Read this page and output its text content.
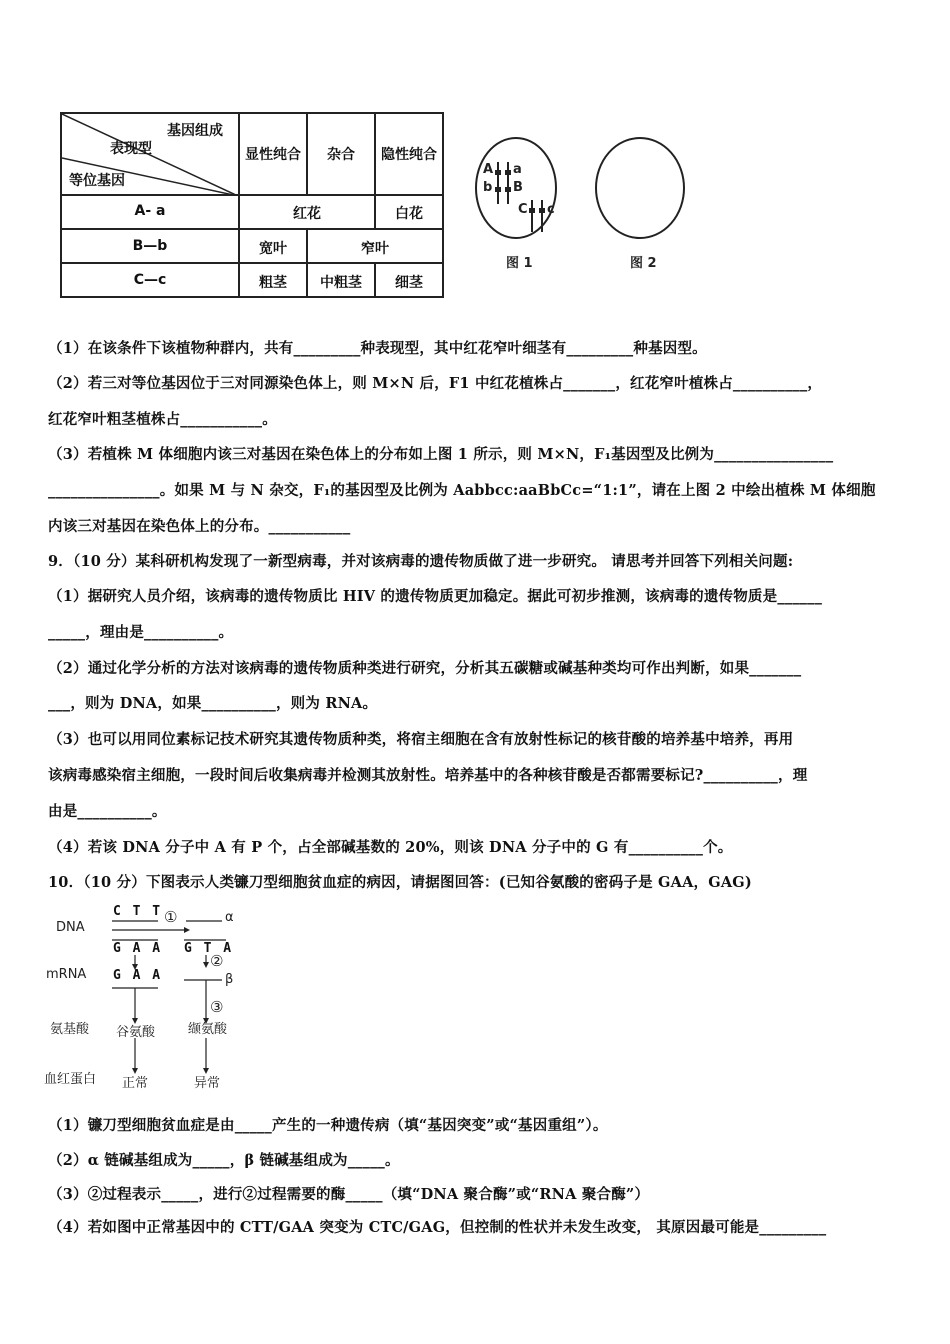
基因组成
表现型
等位基因
显性纯合	杂合	隐性纯合
A- a	红花	白花
B—b	宽叶	窄叶
C—c	粗茎	中粗茎	细茎
A a
b B
C c
图 1	图 2
（1）在该条件下该植物种群内，共有_________种表现型，其中红花窄叶细茎有_________种基因型。
（2）若三对等位基因位于三对同源染色体上，则 M×N 后，F1 中红花植株占_______，红花窄叶植株占__________，
红花窄叶粗茎植株占___________。
（3）若植株 M 体细胞内该三对基因在染色体上的分布如上图 1 所示，则 M×N，F₁基因型及比例为________________
_______________。如果 M 与 N 杂交，F₁的基因型及比例为 Aabbcc:aaBbCc=“1:1”，请在上图 2 中绘出植株 M 体细胞
内该三对基因在染色体上的分布。___________
9．（10 分）某科研机构发现了一新型病毒，并对该病毒的遗传物质做了进一步研究。 请思考并回答下列相关问题:
（1）据研究人员介绍，该病毒的遗传物质比 HIV 的遗传物质更加稳定。据此可初步推测，该病毒的遗传物质是______
_____，理由是__________。
（2）通过化学分析的方法对该病毒的遗传物质种类进行研究，分析其五碳糖或碱基种类均可作出判断，如果_______
___，则为 DNA，如果__________，则为 RNA。
（3）也可以用同位素标记技术研究其遗传物质种类，将宿主细胞在含有放射性标记的核苷酸的培养基中培养，再用
该病毒感染宿主细胞，一段时间后收集病毒并检测其放射性。培养基中的各种核苷酸是否都需要标记?__________，理
由是__________。
（4）若该 DNA 分子中 A 有 P 个，占全部碱基数的 20%，则该 DNA 分子中的 G 有__________个。
10．（10 分）下图表示人类镰刀型细胞贫血症的病因，请据图回答：(已知谷氨酸的密码子是 GAA，GAG)
DNA
mRNA
氨基酸
血红蛋白
C T T
G A A
G A A
G T A
①
②
③
α
β
谷氨酸	缬氨酸
正常	异常
（1）镰刀型细胞贫血症是由_____产生的一种遗传病（填“基因突变”或“基因重组”）。
（2）α 链碱基组成为_____，β 链碱基组成为_____。
（3）②过程表示_____，进行②过程需要的酶_____（填“DNA 聚合酶”或“RNA 聚合酶”）
（4）若如图中正常基因中的 CTT/GAA 突变为 CTC/GAG，但控制的性状并未发生改变， 其原因最可能是_________
